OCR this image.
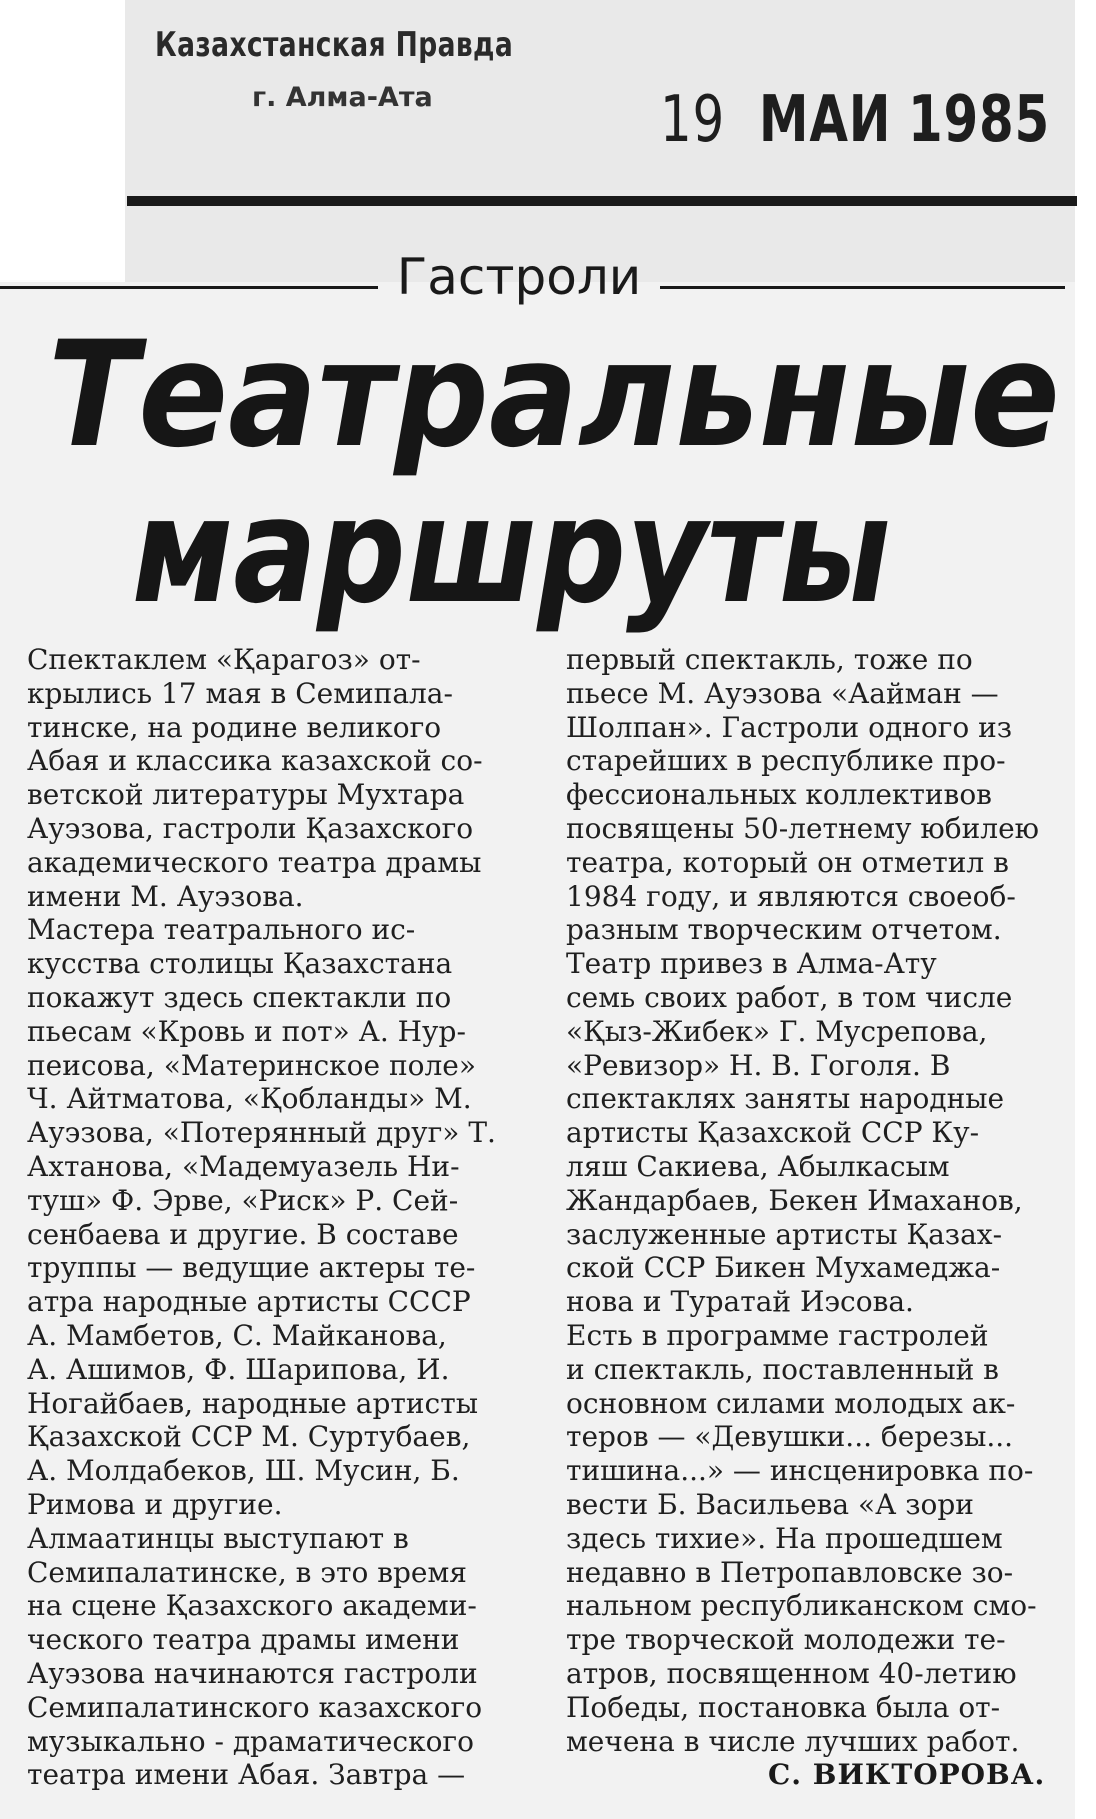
Казахстанская Правда
г. Алма-Ата	19 МАИ 1985
Гастроли
Театральные
маршруты
Спектаклем «Қарагоз» от-
крылись 17 мая в Семипала-
тинске, на родине великого
Абая и классика казахской со-
ветской литературы Мухтара
Ауэзова, гастроли Қазахского
академического театра драмы
имени М. Ауэзова.
Мастера театрального ис-
кусства столицы Қазахстана
покажут здесь спектакли по
пьесам «Кровь и пот» А. Нур-
пеисова, «Материнское поле»
Ч. Айтматова, «Қобланды» М.
Ауэзова, «Потерянный друг» Т.
Ахтанова, «Мадемуазель Ни-
туш» Ф. Эрве, «Риск» Р. Сей-
сенбаева и другие. В составе
труппы — ведущие актеры те-
атра народные артисты СССР
А. Мамбетов, С. Майканова,
А. Ашимов, Ф. Шарипова, И.
Ногайбаев, народные артисты
Қазахской ССР М. Суртубаев,
А. Молдабеков, Ш. Мусин, Б.
Римова и другие.
Алмаатинцы выступают в
Семипалатинске, в это время
на сцене Қазахского академи-
ческого театра драмы имени
Ауэзова начинаются гастроли
Семипалатинского казахского
музыкально - драматического
театра имени Абая. Завтра —
первый спектакль, тоже по
пьесе М. Ауэзова «Ааймaн —
Шолпан». Гастроли одного из
старейших в республике про-
фессиональных коллективов
посвящены 50-летнему юбилею
театра, который он отметил в
1984 году, и являются своеоб-
разным творческим отчетом.
Театр привез в Алма-Ату
семь своих работ, в том числе
«Қыз-Жибек» Г. Мусрепова,
«Ревизор» Н. В. Гоголя. В
спектаклях заняты народные
артисты Қазахской ССР Ку-
ляш Сакиева, Абылкасым
Жандарбаев, Бекен Имаханов,
заслуженные артисты Қазах-
ской ССР Бикен Мухамеджа-
нова и Туратай Иэсова.
Есть в программе гастролей
и спектакль, поставленный в
основном силами молодых ак-
теров — «Девушки... березы...
тишина...» — инсценировка по-
вести Б. Васильева «А зори
здесь тихие». На прошедшем
недавно в Петропавловске зо-
нальном республиканском смо-
тре творческой молодежи те-
атров, посвященном 40-летию
Победы, постановка была от-
мечена в числе лучших работ.
С. ВИКТОРОВА.
